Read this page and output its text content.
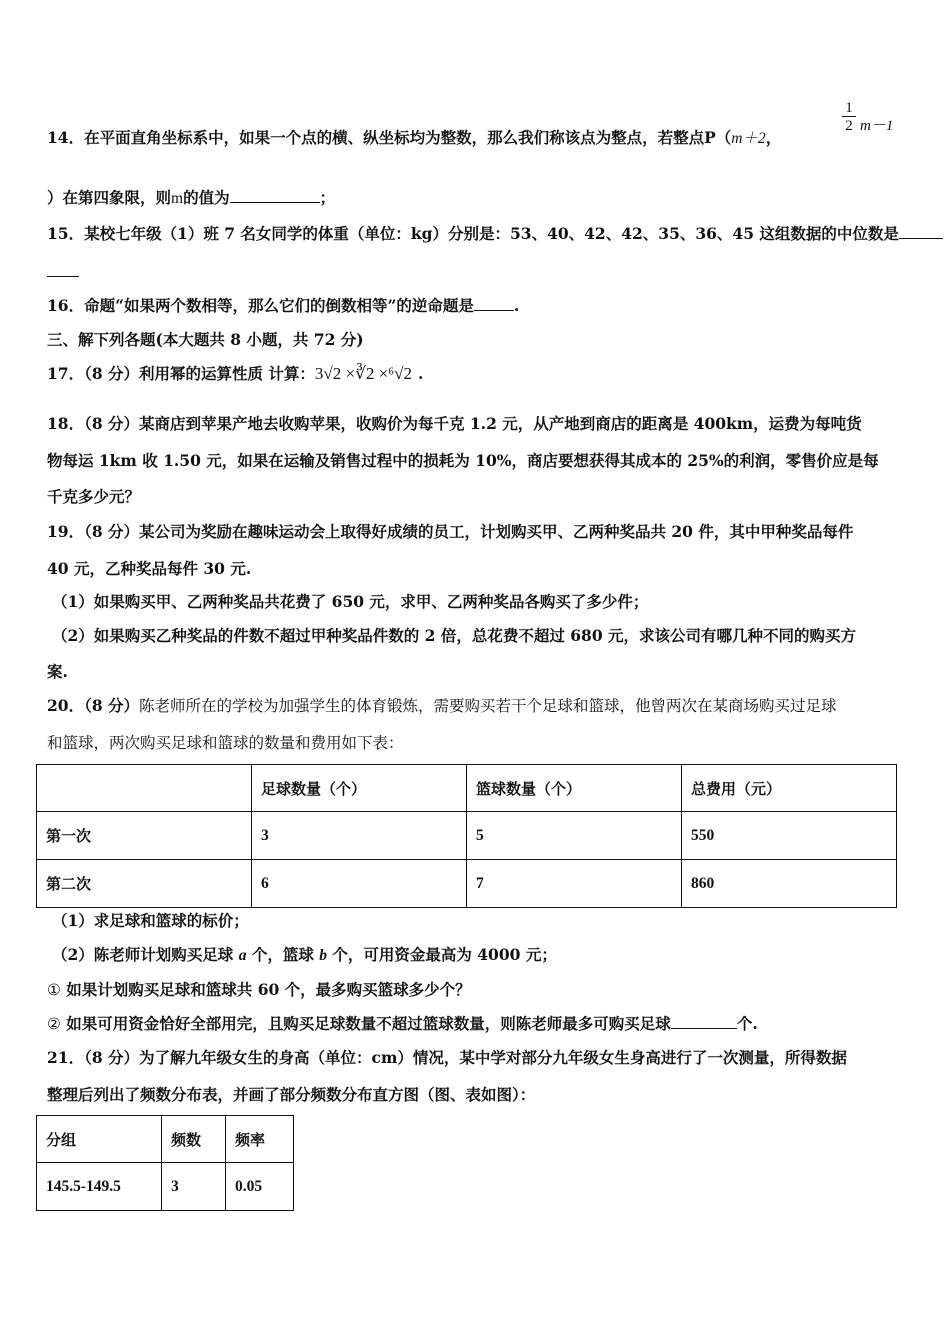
14．在平面直角坐标系中，如果一个点的横、纵坐标均为整数，那么我们称该点为整点，若整点P（m＋2，
1
2 m－1
）在第四象限，则m的值为	；
15．某校七年级（1）班 7 名女同学的体重（单位：kg）分别是：53、40、42、42、35、36、45 这组数据的中位数是
16．命题“如果两个数相等，那么它们的倒数相等”的逆命题是	.
三、解下列各题(本大题共 8 小题，共 72 分)
17．（8 分）利用幂的运算性质 计算：3√2 ×∛2 ×⁶√2 .
18．（8 分）某商店到苹果产地去收购苹果，收购价为每千克 1.2 元，从产地到商店的距离是 400km，运费为每吨货
物每运 1km 收 1.50 元，如果在运输及销售过程中的损耗为 10%，商店要想获得其成本的 25%的利润，零售价应是每
千克多少元？
19．（8 分）某公司为奖励在趣味运动会上取得好成绩的员工，计划购买甲、乙两种奖品共 20 件，其中甲种奖品每件
40 元，乙种奖品每件 30 元.
（1）如果购买甲、乙两种奖品共花费了 650 元，求甲、乙两种奖品各购买了多少件；
（2）如果购买乙种奖品的件数不超过甲种奖品件数的 2 倍，总花费不超过 680 元，求该公司有哪几种不同的购买方
案.
20．（8 分）陈老师所在的学校为加强学生的体育锻炼，需要购买若干个足球和篮球，他曾两次在某商场购买过足球
和篮球，两次购买足球和篮球的数量和费用如下表：
	足球数量（个）	篮球数量（个）	总费用（元）
第一次	3	5	550
第二次	6	7	860
（1）求足球和篮球的标价；
（2）陈老师计划购买足球 a 个，篮球 b 个，可用资金最高为 4000 元；
① 如果计划购买足球和篮球共 60 个，最多购买篮球多少个？
② 如果可用资金恰好全部用完，且购买足球数量不超过篮球数量，则陈老师最多可购买足球	个.
21．（8 分）为了解九年级女生的身高（单位：cm）情况，某中学对部分九年级女生身高进行了一次测量，所得数据
整理后列出了频数分布表，并画了部分频数分布直方图（图、表如图）：
分组	频数	频率
145.5-149.5	3	0.05
